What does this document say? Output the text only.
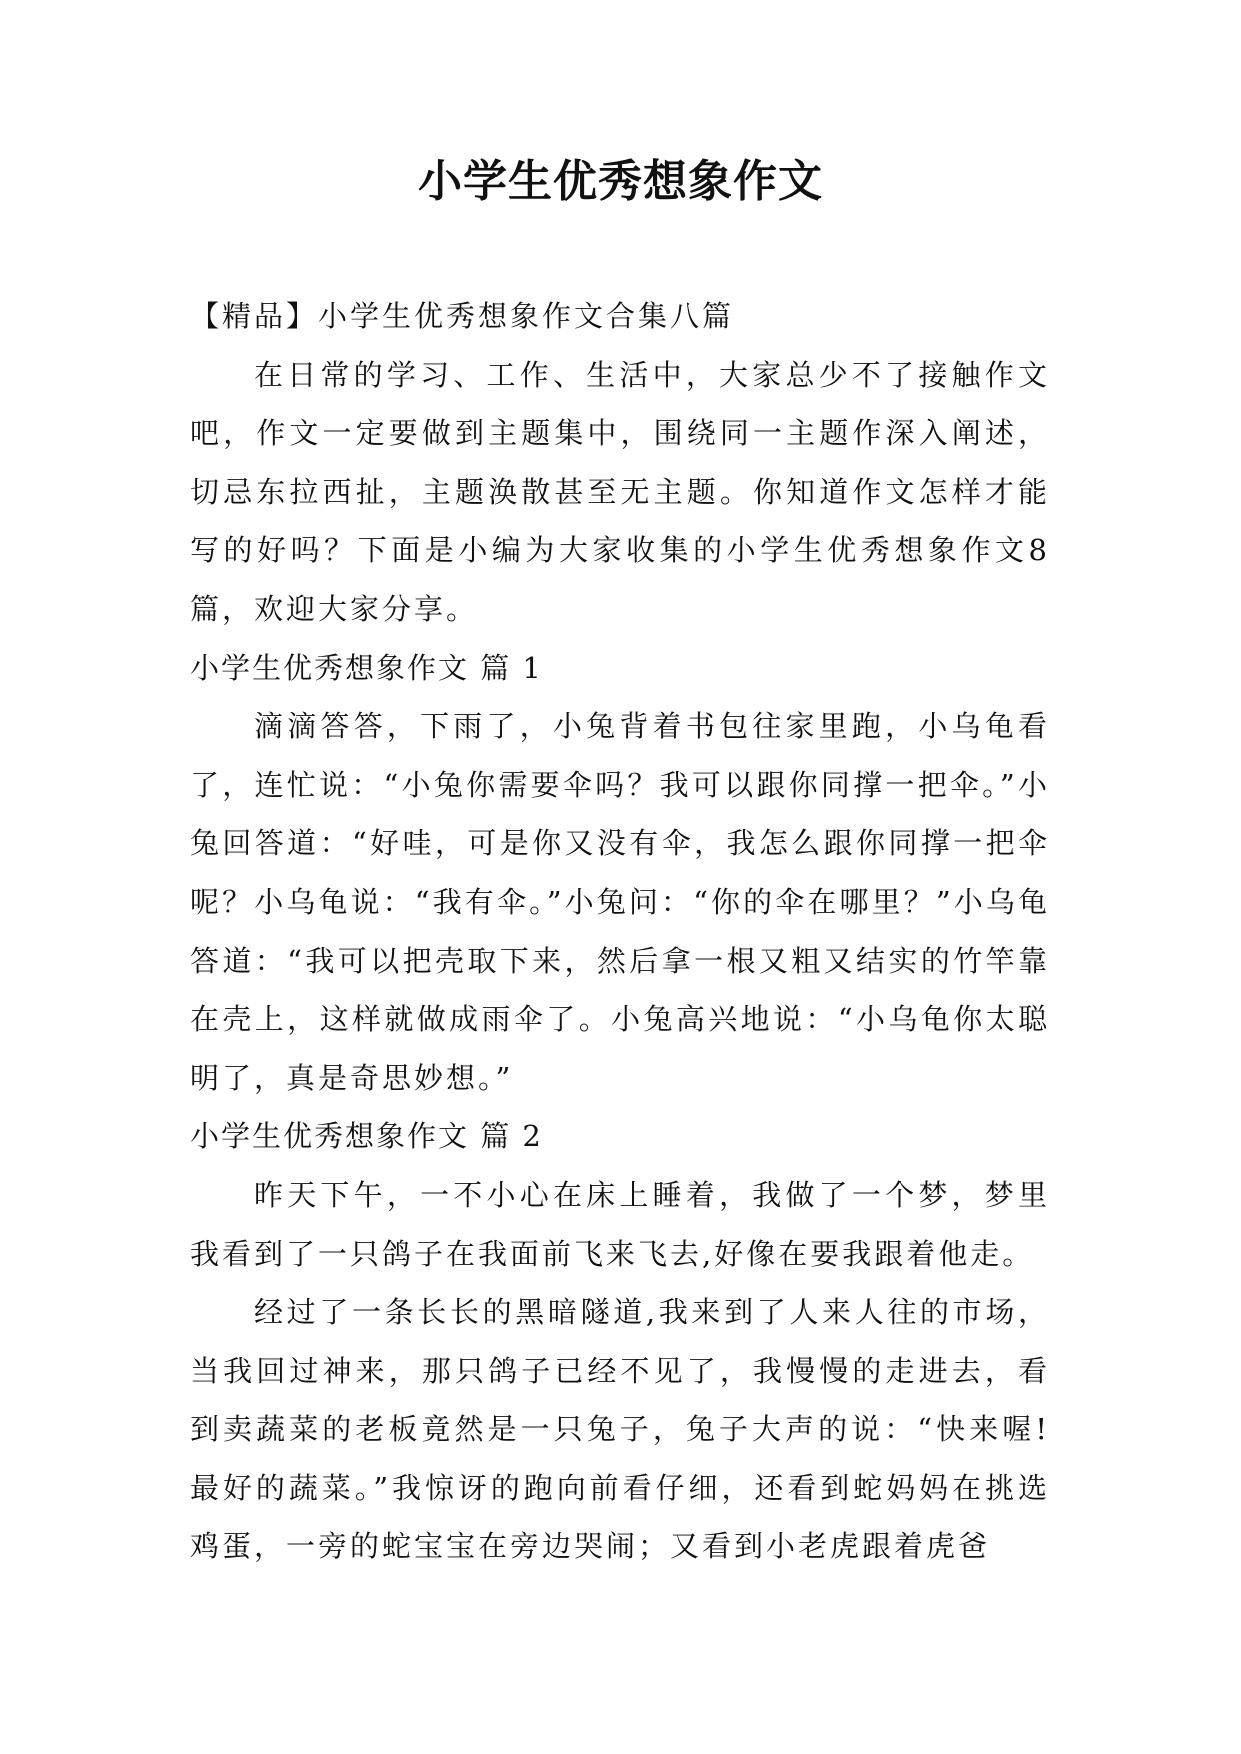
小学生优秀想象作文

【精品】小学生优秀想象作文合集八篇

在日常的学习、工作、生活中，大家总少不了接触作文吧，作文一定要做到主题集中，围绕同一主题作深入阐述，切忌东拉西扯，主题涣散甚至无主题。你知道作文怎样才能写的好吗？下面是小编为大家收集的小学生优秀想象作文8篇，欢迎大家分享。

小学生优秀想象作文 篇 1

滴滴答答，下雨了，小兔背着书包往家里跑，小乌龟看了，连忙说：“小兔你需要伞吗？我可以跟你同撑一把伞。”小兔回答道：“好哇，可是你又没有伞，我怎么跟你同撑一把伞呢？小乌龟说：“我有伞。”小兔问：“你的伞在哪里？”小乌龟答道：“我可以把壳取下来，然后拿一根又粗又结实的竹竿靠在壳上，这样就做成雨伞了。小兔高兴地说：“小乌龟你太聪明了，真是奇思妙想。”

小学生优秀想象作文 篇 2

昨天下午，一不小心在床上睡着，我做了一个梦，梦里我看到了一只鸽子在我面前飞来飞去,好像在要我跟着他走。

经过了一条长长的黑暗隧道,我来到了人来人往的市场，当我回过神来，那只鸽子已经不见了，我慢慢的走进去，看到卖蔬菜的老板竟然是一只兔子，兔子大声的说：“快来喔!最好的蔬菜。”我惊讶的跑向前看仔细，还看到蛇妈妈在挑选鸡蛋，一旁的蛇宝宝在旁边哭闹；又看到小老虎跟着虎爸
